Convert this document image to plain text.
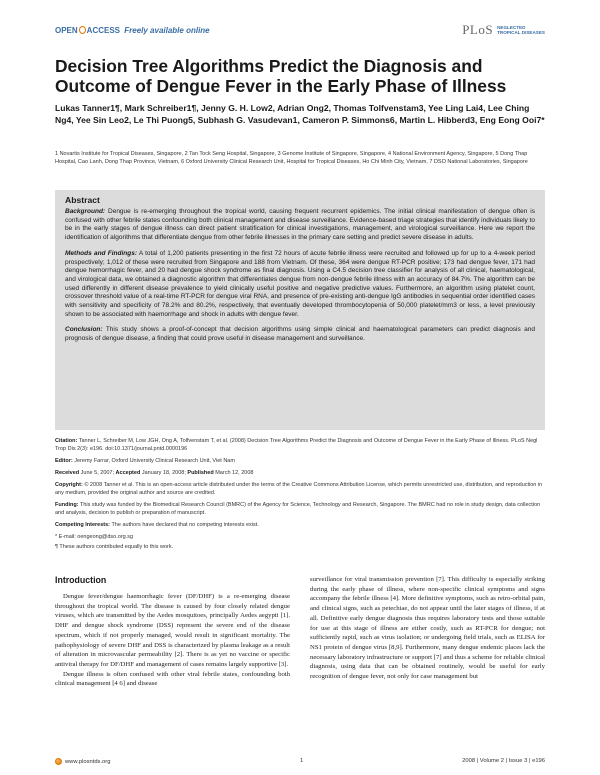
OPEN ACCESS Freely available online	PLoS NEGLECTED
TROPICAL DISEASES
Decision Tree Algorithms Predict the Diagnosis and Outcome of Dengue Fever in the Early Phase of Illness
Lukas Tanner1¶, Mark Schreiber1¶, Jenny G. H. Low2, Adrian Ong2, Thomas Tolfvenstam3, Yee Ling Lai4, Lee Ching Ng4, Yee Sin Leo2, Le Thi Puong5, Subhash G. Vasudevan1, Cameron P. Simmons6, Martin L. Hibberd3, Eng Eong Ooi7*
1 Novartis Institute for Tropical Diseases, Singapore, 2 Tan Tock Seng Hospital, Singapore, 3 Genome Institute of Singapore, Singapore, 4 National Environment Agency, Singapore, 5 Dong Thap Hospital, Cao Lanh, Dong Thap Province, Vietnam, 6 Oxford University Clinical Research Unit, Hospital for Tropical Diseases, Ho Chi Minh City, Vietnam, 7 DSO National Laboratories, Singapore
Abstract

Background: Dengue is re-emerging throughout the tropical world, causing frequent recurrent epidemics. The initial clinical manifestation of dengue often is confused with other febrile states confounding both clinical management and disease surveillance. Evidence-based triage strategies that identify individuals likely to be in the early stages of dengue illness can direct patient stratification for clinical investigations, management, and virological surveillance. Here we report the identification of algorithms that differentiate dengue from other febrile illnesses in the primary care setting and predict severe disease in adults.

Methods and Findings: A total of 1,200 patients presenting in the first 72 hours of acute febrile illness were recruited and followed up for up to a 4-week period prospectively; 1,012 of these were recruited from Singapore and 188 from Vietnam. Of these, 364 were dengue RT-PCR positive; 173 had dengue fever, 171 had dengue hemorrhagic fever, and 20 had dengue shock syndrome as final diagnosis. Using a C4.5 decision tree classifier for analysis of all clinical, haematological, and virological data, we obtained a diagnostic algorithm that differentiates dengue from non-dengue febrile illness with an accuracy of 84.7%. The algorithm can be used differently in different disease prevalence to yield clinically useful positive and negative predictive values. Furthermore, an algorithm using platelet count, crossover threshold value of a real-time RT-PCR for dengue viral RNA, and presence of pre-existing anti-dengue IgG antibodies in sequential order identified cases with sensitivity and specificity of 78.2% and 80.2%, respectively, that eventually developed thrombocytopenia of 50,000 platelet/mm3 or less, a level previously shown to be associated with haemorrhage and shock in adults with dengue fever.

Conclusion: This study shows a proof-of-concept that decision algorithms using simple clinical and haematological parameters can predict diagnosis and prognosis of dengue disease, a finding that could prove useful in disease management and surveillance.

Citation: Tanner L, Schreiber M, Low JGH, Ong A, Tolfvenstam T, et al. (2008) Decision Tree Algorithms Predict the Diagnosis and Outcome of Dengue Fever in the Early Phase of Illness. PLoS Negl Trop Dis 2(3): e196. doi:10.1371/journal.pntd.0000196

Editor: Jeremy Farrar, Oxford University Clinical Research Unit, Viet Nam

Received June 5, 2007; Accepted January 18, 2008; Published March 12, 2008

Copyright: © 2008 Tanner et al. This is an open-access article distributed under the terms of the Creative Commons Attribution License, which permits unrestricted use, distribution, and reproduction in any medium, provided the original author and source are credited.

Funding: This study was funded by the Biomedical Research Council (BMRC) of the Agency for Science, Technology and Research, Singapore. The BMRC had no role in study design, data collection and analysis, decision to publish or preparation of manuscript.

Competing Interests: The authors have declared that no competing interests exist.

* E-mail: oengeong@dso.org.sg

¶ These authors contributed equally to this work.

Introduction

Dengue fever/dengue haemorrhagic fever (DF/DHF) is a re-emerging disease throughout the tropical world. The disease is caused by four closely related dengue viruses, which are transmitted by the Aedes mosquitoes, principally Aedes aegypti [1]. DHF and dengue shock syndrome (DSS) represent the severe end of the disease spectrum, which if not properly managed, would result in significant mortality. The pathophysiology of severe DHF and DSS is characterized by plasma leakage as a result of alteration in microvascular permeability [2]. There is as yet no vaccine or specific antiviral therapy for DF/DHF and management of cases remains largely supportive [3].

Dengue illness is often confused with other viral febrile states, confounding both clinical management [4 6] and disease

surveillance for viral transmission prevention [7]. This difficulty is especially striking during the early phase of illness, where non-specific clinical symptoms and signs accompany the febrile illness [4]. More definitive symptoms, such as retro-orbital pain, and clinical signs, such as petechiae, do not appear until the later stages of illness, if at all. Definitive early dengue diagnosis thus requires laboratory tests and those suitable for use at this stage of illness are either costly, such as RT-PCR for dengue; not sufficiently rapid, such as virus isolation; or undergoing field trials, such as ELISA for NS1 protein of dengue virus [8,9]. Furthermore, many dengue endemic places lack the necessary laboratory infrastructure or support [7] and thus a scheme for reliable clinical diagnosis, using data that can be obtained routinely, would be useful for early recognition of dengue fever, not only for case management but

www.plosntds.org	1	2008 | Volume 2 | Issue 3 | e196
